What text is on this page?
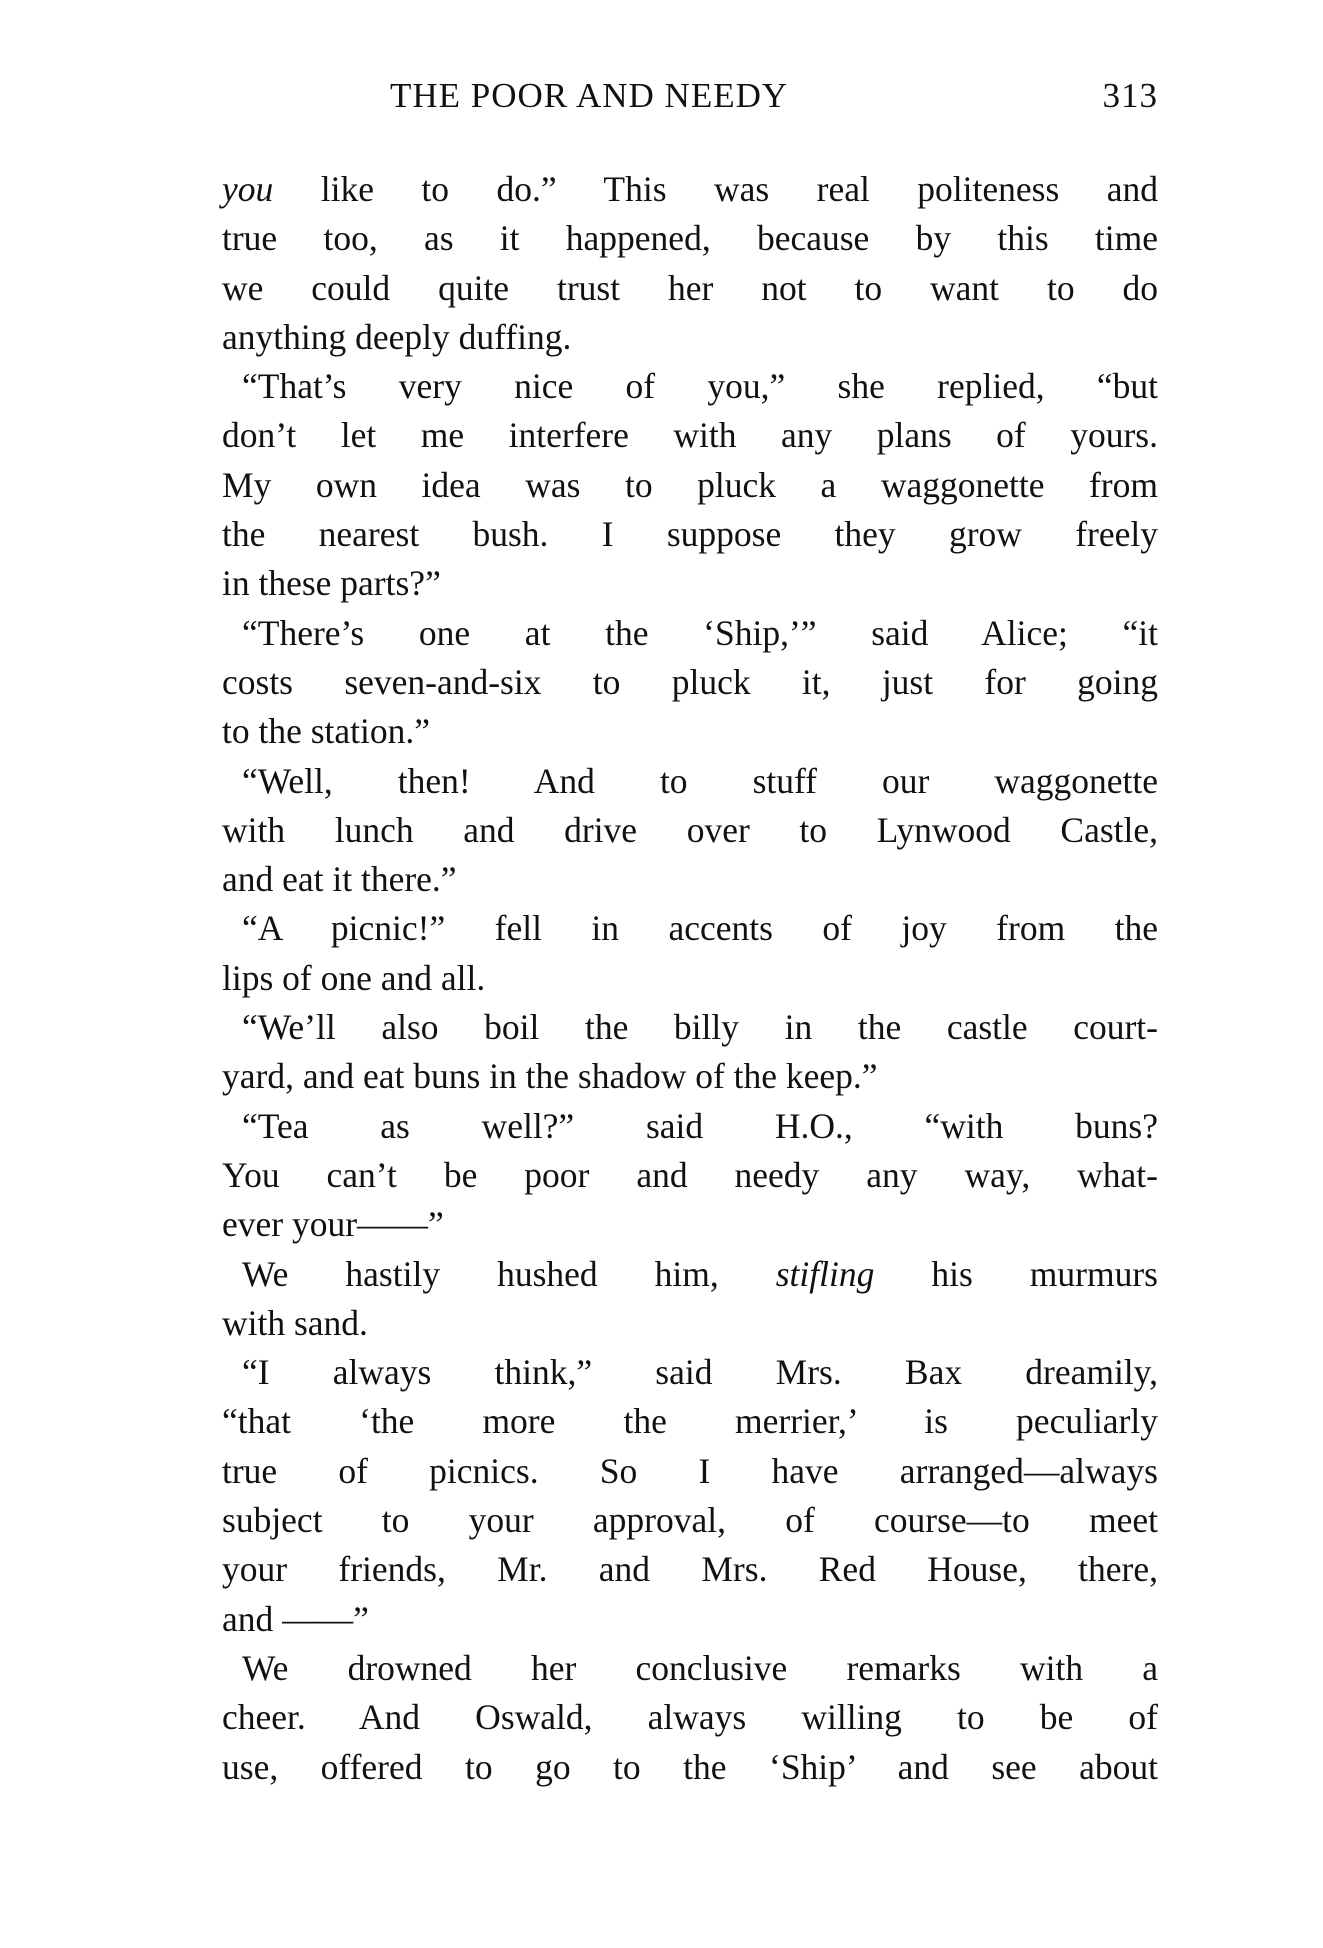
THE POOR AND NEEDY	313
you like to do.” This was real politeness and
true too, as it happened, because by this time
we could quite trust her not to want to do
anything deeply duffing.
“That’s very nice of you,” she replied, “but
don’t let me interfere with any plans of yours.
My own idea was to pluck a waggonette from
the nearest bush. I suppose they grow freely
in these parts?”
“There’s one at the ‘Ship,’” said Alice; “it
costs seven-and-six to pluck it, just for going
to the station.”
“Well, then! And to stuff our waggonette
with lunch and drive over to Lynwood Castle,
and eat it there.”
“A picnic!” fell in accents of joy from the
lips of one and all.
“We’ll also boil the billy in the castle court-
yard, and eat buns in the shadow of the keep.”
“Tea as well?” said H.O., “with buns?
You can’t be poor and needy any way, what-
ever your——”
We hastily hushed him, stifling his murmurs
with sand.
“I always think,” said Mrs. Bax dreamily,
“that ‘the more the merrier,’ is peculiarly
true of picnics. So I have arranged—always
subject to your approval, of course—to meet
your friends, Mr. and Mrs. Red House, there,
and ——”
We drowned her conclusive remarks with a
cheer. And Oswald, always willing to be of
use, offered to go to the ‘Ship’ and see about
